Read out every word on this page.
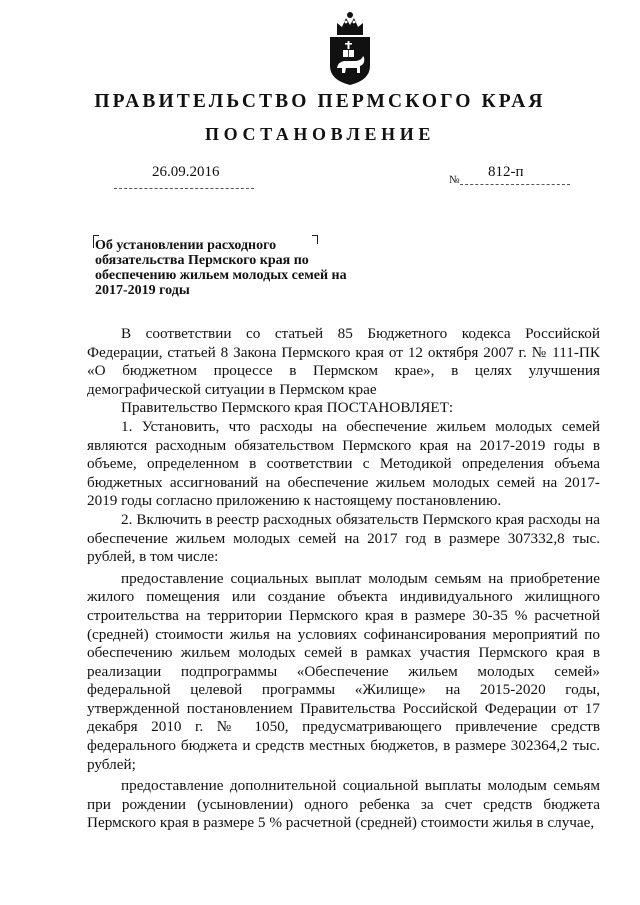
ПРАВИТЕЛЬСТВО ПЕРМСКОГО КРАЯ
ПОСТАНОВЛЕНИЕ
26.09.2016	№ 812-п
Об установлении расходного обязательства Пермского края по обеспечению жильем молодых семей на 2017-2019 годы

В соответствии со статьей 85 Бюджетного кодекса Российской Федерации, статьей 8 Закона Пермского края от 12 октября 2007 г. № 111-ПК «О бюджетном процессе в Пермском крае», в целях улучшения демографической ситуации в Пермском крае

Правительство Пермского края ПОСТАНОВЛЯЕТ:

1. Установить, что расходы на обеспечение жильем молодых семей являются расходным обязательством Пермского края на 2017-2019 годы в объеме, определенном в соответствии с Методикой определения объема бюджетных ассигнований на обеспечение жильем молодых семей на 2017-2019 годы согласно приложению к настоящему постановлению.

2. Включить в реестр расходных обязательств Пермского края расходы на обеспечение жильем молодых семей на 2017 год в размере 307332,8 тыс. рублей, в том числе:

предоставление социальных выплат молодым семьям на приобретение жилого помещения или создание объекта индивидуального жилищного строительства на территории Пермского края в размере 30-35 % расчетной (средней) стоимости жилья на условиях софинансирования мероприятий по обеспечению жильем молодых семей в рамках участия Пермского края в реализации подпрограммы «Обеспечение жильем молодых семей» федеральной целевой программы «Жилище» на 2015-2020 годы, утвержденной постановлением Правительства Российской Федерации от 17 декабря 2010 г. № 1050, предусматривающего привлечение средств федерального бюджета и средств местных бюджетов, в размере 302364,2 тыс. рублей;

предоставление дополнительной социальной выплаты молодым семьям при рождении (усыновлении) одного ребенка за счет средств бюджета Пермского края в размере 5 % расчетной (средней) стоимости жилья в случае,
